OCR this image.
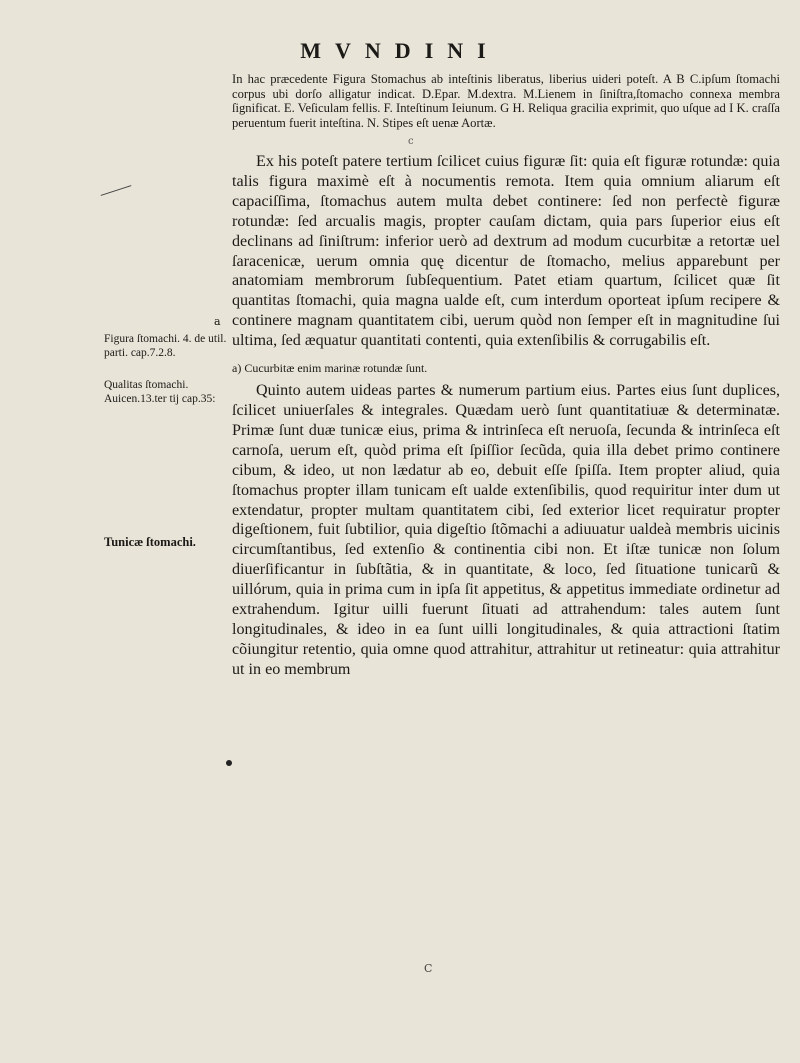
MVNDINI

In hac præcedente Figura Stomachus ab inteſtinis liberatus, liberius uideri poteſt. A B C.ipſum ſtomachi corpus ubi dorſo alligatur indicat. D.Epar. M.dextra. M.Lienem in ſiniſtra,ſtomacho connexa membra ſignificat. E. Veſiculam fellis. F. Inteſtinum Ieiunum. G H. Reliqua gracilia exprimit, quo uſque ad I K. craſſa peruentum fuerit inteſtina. N. Stipes eſt uenæ Aortæ.

c

Ex his poteſt patere tertium ſcilicet cuius figuræ ſit: quia eſt figuræ rotundæ: quia talis figura maximè eſt à nocumentis remota. Item quia omnium aliarum eſt capaciſſima, ſtomachus autem multa debet continere: ſed non perfectè figuræ rotundæ: ſed arcualis magis, propter cauſam dictam, quia pars ſuperior eius eſt declinans ad ſiniſtrum: inferior uerò ad dextrum ad modum cucurbitæ a retortæ uel ſaracenicæ, uerum omnia quę dicentur de ſtomacho, melius apparebunt per anatomiam membrorum ſubſequentium. Patet etiam quartum, ſcilicet quæ ſit quantitas ſtomachi, quia magna ualde eſt, cum interdum oporteat ipſum recipere & continere magnam quantitatem cibi, uerum quòd non ſemper eſt in magnitudine ſui ultima, ſed æquatur quantitati contenti, quia extenſibilis & corrugabilis eſt.

a) Cucurbitæ enim marinæ rotundæ ſunt.

Quinto autem uideas partes & numerum partium eius. Partes eius ſunt duplices, ſcilicet uniuerſales & integrales. Quædam uerò ſunt quantitatiuæ & determinatæ. Primæ ſunt duæ tunicæ eius, prima & intrinſeca eſt neruoſa, ſecunda & intrinſeca eſt carnoſa, uerum eſt, quòd prima eſt ſpiſſior ſecũda, quia illa debet primo continere cibum, & ideo, ut non lædatur ab eo, debuit eſſe ſpiſſa. Item propter aliud, quia ſtomachus propter illam tunicam eſt ualde extenſibilis, quod requiritur inter dum ut extendatur, propter multam quantitatem cibi, ſed exterior licet requiratur propter digeſtionem, fuit ſubtilior, quia digeſtio ſtõmachi a adiuuatur ualdeà membris uicinis circumſtantibus, ſed extenſio & continentia cibi non. Et iſtæ tunicæ non ſolum diuerſificantur in ſubſtãtia, & in quantitate, & loco, ſed ſituatione tunicarũ & uillórum, quia in prima cum in ipſa ſit appetitus, & appetitus immediate ordinetur ad extrahendum. Igitur uilli fuerunt ſituati ad attrahendum: tales autem ſunt longitudinales, & ideo in ea ſunt uilli longitudinales, & quia attractioni ſtatim cõiungitur retentio, quia omne quod attrahitur, attrahitur ut retineatur: quia attrahitur ut in eo membrum

a
Figura ſtomachi. 4. de util. parti. cap.7.2.8.
Qualitas ſtomachi. Auicen.13.ter tij cap.35:
Tunicæ ſtomachi.
C
